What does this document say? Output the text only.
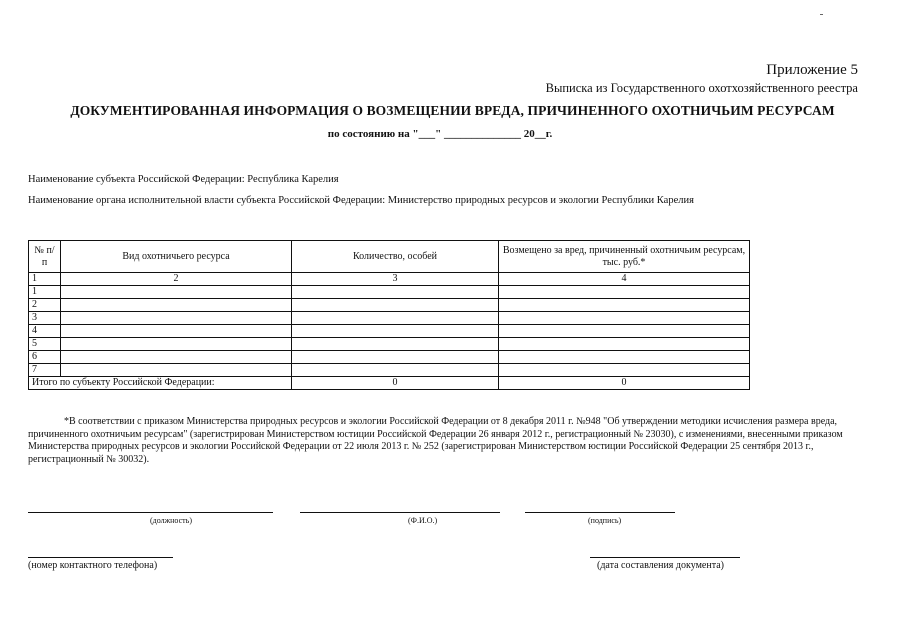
Приложение 5
Выписка из Государственного охотхозяйственного реестра
ДОКУМЕНТИРОВАННАЯ ИНФОРМАЦИЯ О ВОЗМЕЩЕНИИ ВРЕДА, ПРИЧИНЕННОГО ОХОТНИЧЬИМ РЕСУРСАМ
по состоянию на "___" ______________ 20__г.
Наименование субъекта Российской Федерации: Республика Карелия
Наименование органа исполнительной власти субъекта Российской Федерации: Министерство природных ресурсов и экологии Республики Карелия
№ п/п	Вид охотничьего ресурса	Количество, особей	Возмещено за вред, причиненный охотничьим ресурсам, тыс. руб.*
1	2	3	4
1			
2			
3			
4			
5			
6			
7			
Итого по субъекту Российской Федерации:		0	0
*В соответствии с приказом Министерства природных ресурсов и экологии Российской Федерации от 8 декабря 2011 г. №948 "Об утверждении методики исчисления размера вреда, причиненного охотничьим ресурсам" (зарегистрирован Министерством юстиции Российской Федерации 26 января 2012 г., регистрационный № 23030), с изменениями, внесенными приказом Министерства природных ресурсов и экологии Российской Федерации от 22 июля 2013 г. № 252 (зарегистрирован Министерством юстиции Российской Федерации 25 сентября 2013 г., регистрационный № 30032).
(должность)	(Ф.И.О.)	(подпись)
(номер контактного телефона)	(дата составления документа)
